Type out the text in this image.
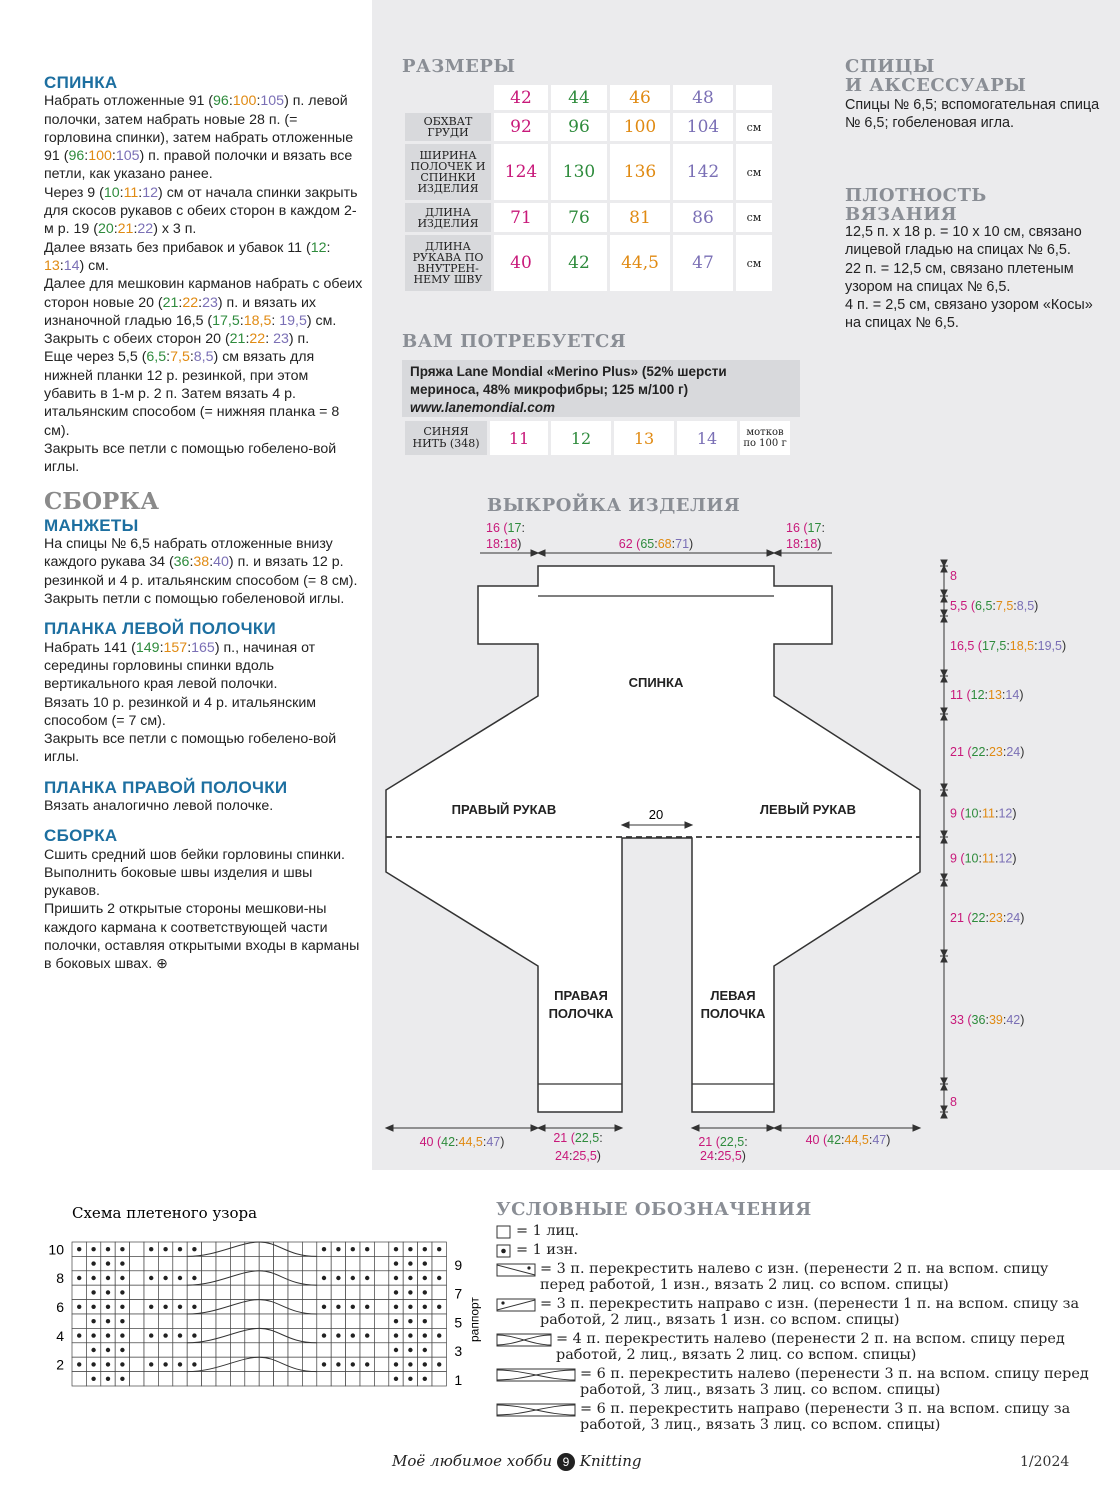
СПИНКА
Набрать отложенные 91 (96:100:105) п. левой полочки, затем набрать новые 28 п. (= горловина спинки), затем набрать отложенные 91 (96:100:105) п. правой полочки и вязать все петли, как указано ранее.
Через 9 (10:11:12) см от начала спинки закрыть для скосов рукавов с обеих сторон в каждом 2-м р. 19 (20:21:22) х 3 п.
Далее вязать без прибавок и убавок 11 (12: 13:14) см.
Далее для мешковин карманов набрать с обеих сторон новые 20 (21:22:23) п. и вязать их изнаночной гладью 16,5 (17,5:18,5: 19,5) см.
Закрыть с обеих сторон 20 (21:22: 23) п.
Еще через 5,5 (6,5:7,5:8,5) см вязать для нижней планки 12 р. резинкой, при этом убавить в 1-м р. 2 п. Затем вязать 4 р. итальянским способом (= нижняя планка = 8 см).
Закрыть все петли с помощью гобелено-вой иглы.
СБОРКА
МАНЖЕТЫ
На спицы № 6,5 набрать отложенные внизу каждого рукава 34 (36:38:40) п. и вязать 12 р. резинкой и 4 р. итальянским способом (= 8 см).
Закрыть петли с помощью гобеленовой иглы.
ПЛАНКА ЛЕВОЙ ПОЛОЧКИ
Набрать 141 (149:157:165) п., начиная от середины горловины спинки вдоль вертикального края левой полочки.
Вязать 10 р. резинкой и 4 р. итальянским способом (= 7 см).
Закрыть все петли с помощью гобелено-вой иглы.
ПЛАНКА ПРАВОЙ ПОЛОЧКИ
Вязать аналогично левой полочке.
СБОРКА
Сшить средний шов бейки горловины спинки. Выполнить боковые швы изделия и швы рукавов.
Пришить 2 открытые стороны мешкови-ны каждого кармана к соответствующей части полочки, оставляя открытыми входы в карманы в боковых швах. ⊕
РАЗМЕРЫ
	42	44	46	48	
ОБХВАТ ГРУДИ	92	96	100	104	см
ШИРИНА ПОЛОЧЕК И СПИНКИ ИЗДЕЛИЯ	124	130	136	142	см
ДЛИНА ИЗДЕЛИЯ	71	76	81	86	см
ДЛИНА РУКАВА ПО ВНУТРЕН-НЕМУ ШВУ	40	42	44,5	47	см
ВАМ ПОТРЕБУЕТСЯ
Пряжа Lane Mondial «Merino Plus» (52% шерсти мериноса, 48% микрофибры; 125 м/100 г)
www.lanemondial.com
СИНЯЯ НИТЬ (348)	11	12	13	14	мотков по 100 г
СПИЦЫ
И АКСЕССУАРЫ
Спицы № 6,5; вспомогательная спица № 6,5; гобеленовая игла.
ПЛОТНОСТЬ
ВЯЗАНИЯ
12,5 п. х 18 р. = 10 х 10 см, связано лицевой гладью на спицах № 6,5.
22 п. = 12,5 см, связано плетеным узором на спицах № 6,5.
4 п. = 2,5 см, связано узором «Косы» на спицах № 6,5.
ВЫКРОЙКА ИЗДЕЛИЯ
СПИНКА
ПРАВЫЙ РУКАВ	ЛЕВЫЙ РУКАВ
ПРАВАЯ
ПОЛОЧКА
ЛЕВАЯ
ПОЛОЧКА
20
16 (17:
18:18)	62 (65:68:71)
16 (17:
18:18)
40 (42:44,5:47)	21 (22,5:
24:25,5)
21 (22,5:
24:25,5)
40 (42:44,5:47)
8
5,5 (6,5:7,5:8,5)
16,5 (17,5:18,5:19,5)
11 (12:13:14)
21 (22:23:24)
9 (10:11:12)
9 (10:11:12)
21 (22:23:24)
33 (36:39:42)
8
Схема плетеного узора
10
8
6
4
2
9
7
5
3
1
раппорт
УСЛОВНЫЕ ОБОЗНАЧЕНИЯ
= 1 лиц.
= 1 изн.
= 3 п. перекрестить налево с изн. (перенести 2 п. на вспом. спицу перед работой, 1 изн., вязать 2 лиц. со вспом. спицы)
= 3 п. перекрестить направо с изн. (перенести 1 п. на вспом. спицу за работой, 2 лиц., вязать 1 изн. со вспом. спицы)
= 4 п. перекрестить налево (перенести 2 п. на вспом. спицу перед работой, 2 лиц., вязать 2 лиц. со вспом. спицы)
= 6 п. перекрестить налево (перенести 3 п. на вспом. спицу перед работой, 3 лиц., вязать 3 лиц. со вспом. спицы)
= 6 п. перекрестить направо (перенести 3 п. на вспом. спицу за работой, 3 лиц., вязать 3 лиц. со вспом. спицы)
Моё любимое хобби 9 Knitting	1/2024
